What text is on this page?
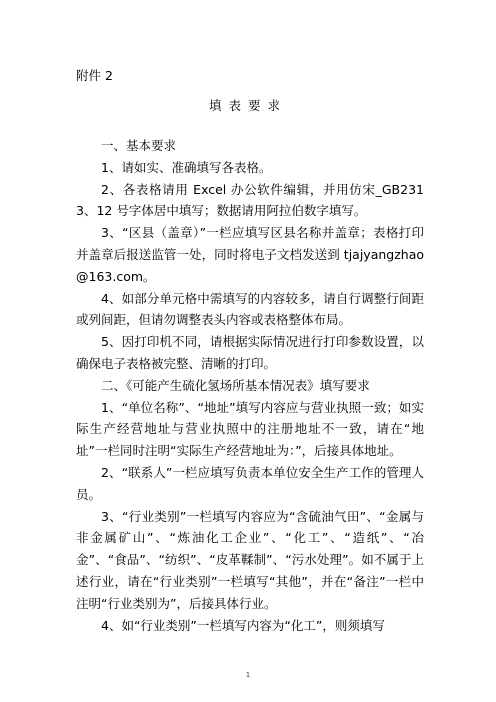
附件 2
填表要求

一、基本要求

1、请如实、准确填写各表格。

2、各表格请用 Excel 办公软件编辑，并用仿宋_GB2313、12 号字体居中填写；数据请用阿拉伯数字填写。

3、“区县（盖章）”一栏应填写区县名称并盖章；表格打印并盖章后报送监管一处，同时将电子文档发送到 tjajyangzhao@163.com。

4、如部分单元格中需填写的内容较多，请自行调整行间距或列间距，但请勿调整表头内容或表格整体布局。

5、因打印机不同，请根据实际情况进行打印参数设置，以确保电子表格被完整、清晰的打印。

二、《可能产生硫化氢场所基本情况表》填写要求

1、“单位名称”、“地址”填写内容应与营业执照一致；如实际生产经营地址与营业执照中的注册地址不一致，请在“地址”一栏同时注明“实际生产经营地址为：”，后接具体地址。

2、“联系人”一栏应填写负责本单位安全生产工作的管理人员。

3、“行业类别”一栏填写内容应为“含硫油气田”、“金属与非金属矿山”、“炼油化工企业”、“化工”、“造纸”、“冶金”、“食品”、“纺织”、“皮革鞣制”、“污水处理”。如不属于上述行业，请在“行业类别”一栏填写“其他”，并在“备注”一栏中注明“行业类别为”，后接具体行业。

4、如“行业类别”一栏填写内容为“化工”，则须填写

1
